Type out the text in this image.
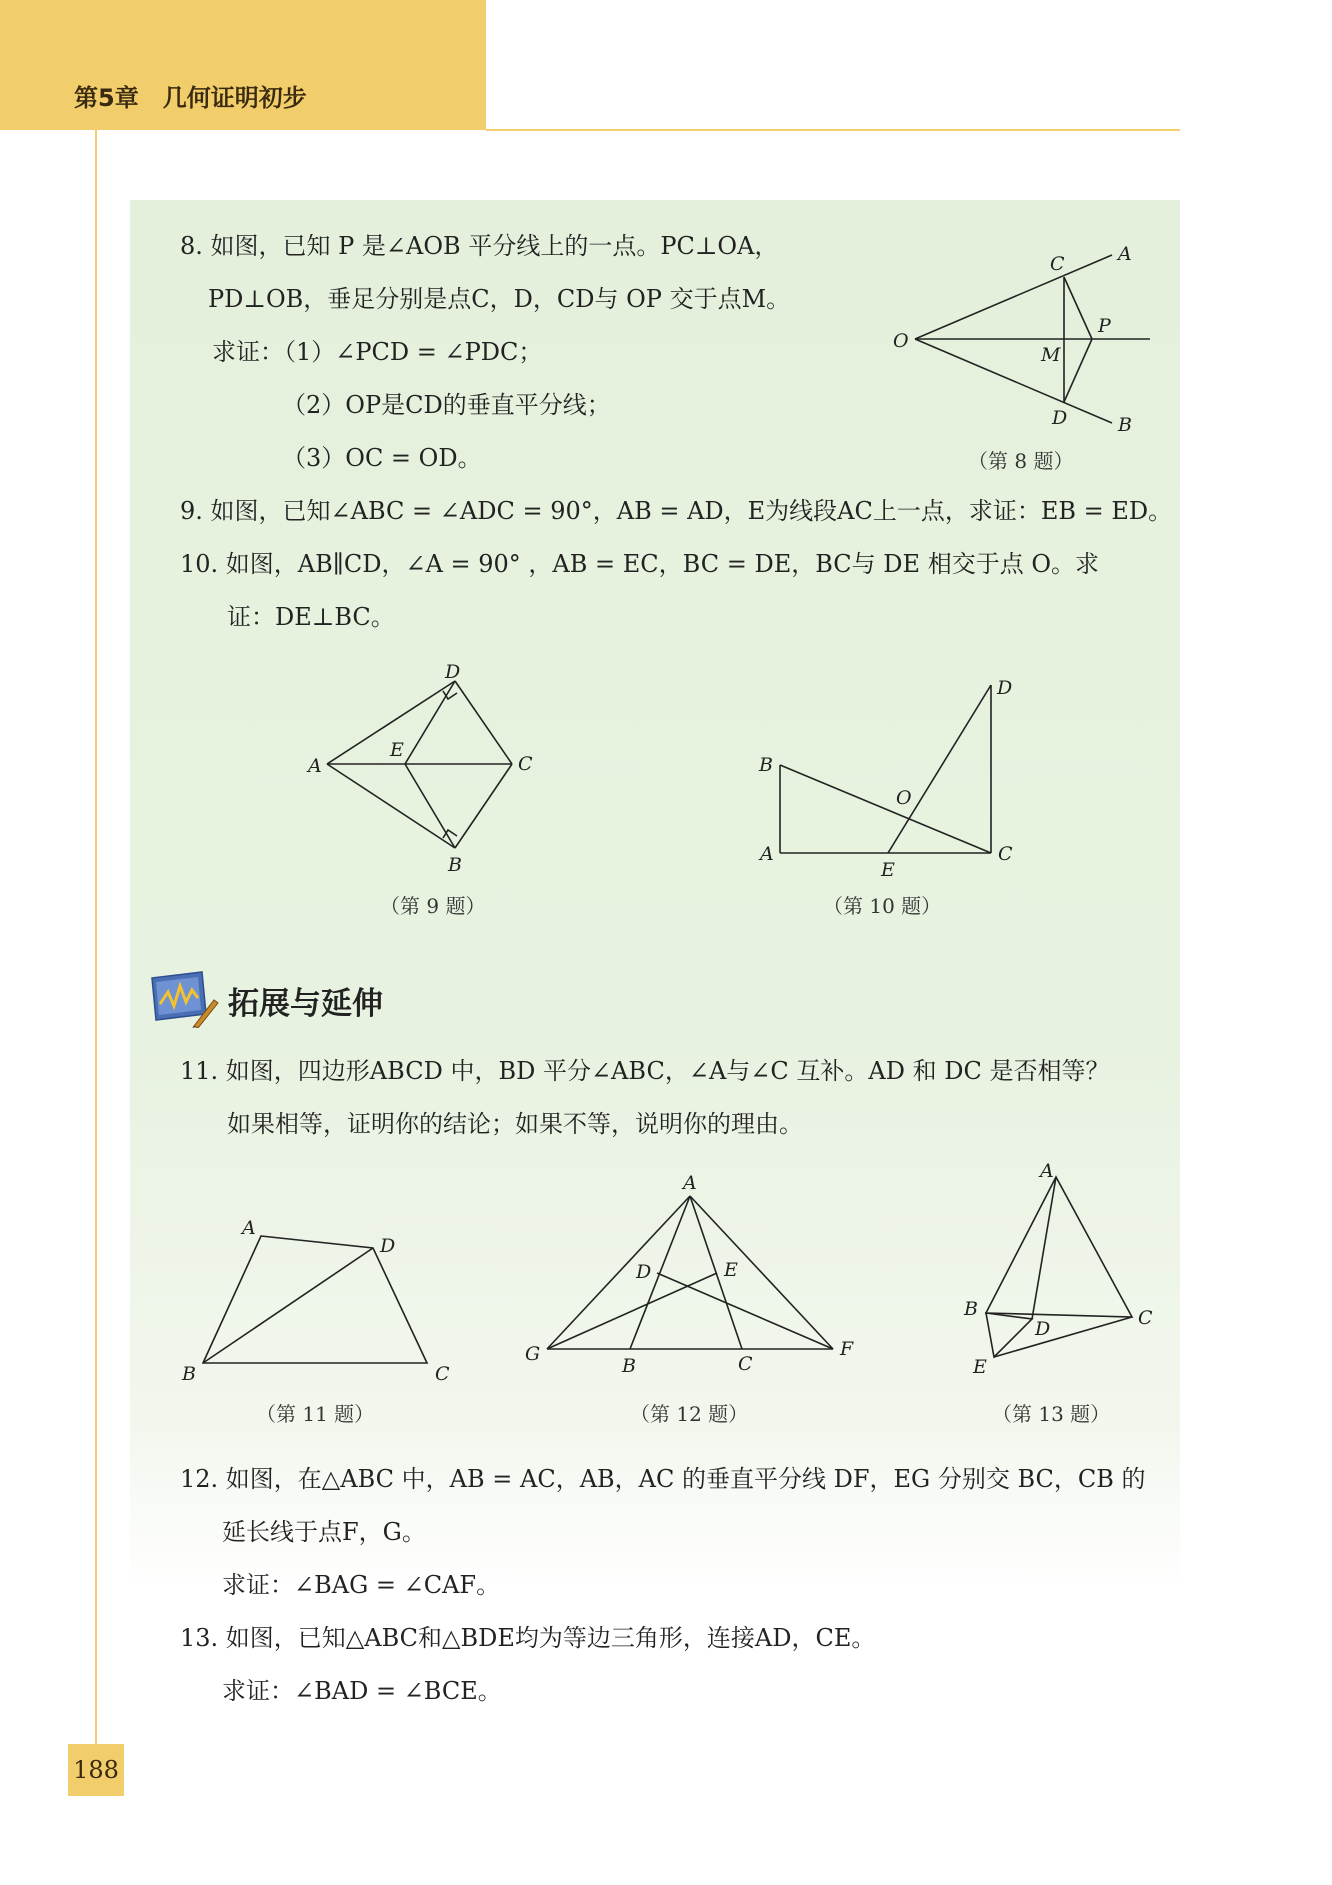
第5章　几何证明初步
188
8. 如图，已知 P 是∠AOB 平分线上的一点。PC⊥OA，
PD⊥OB，垂足分别是点C，D，CD与 OP 交于点M。
求证：（1）∠PCD = ∠PDC；
（2）OP是CD的垂直平分线；
（3）OC = OD。
C	A
O
P
M
D	B
（第 8 题）
9. 如图，已知∠ABC = ∠ADC = 90°，AB = AD，E为线段AC上一点，求证：EB = ED。
10. 如图，AB∥CD，∠A = 90° ，AB = EC，BC = DE，BC与 DE 相交于点 O。求
证：DE⊥BC。
D
A
E
C
B
（第 9 题）
D
B
O
A
E
C
（第 10 题）
拓展与延伸
11. 如图，四边形ABCD 中，BD 平分∠ABC，∠A与∠C 互补。AD 和 DC 是否相等？
如果相等，证明你的结论；如果不等，说明你的理由。
A
D
B	C
（第 11 题）
A
D	E
G
B	C
F
（第 12 题）
A
B	C
D
E
（第 13 题）
12. 如图，在△ABC 中，AB = AC，AB，AC 的垂直平分线 DF，EG 分别交 BC，CB 的
延长线于点F，G。
求证：∠BAG = ∠CAF。
13. 如图，已知△ABC和△BDE均为等边三角形，连接AD，CE。
求证：∠BAD = ∠BCE。
